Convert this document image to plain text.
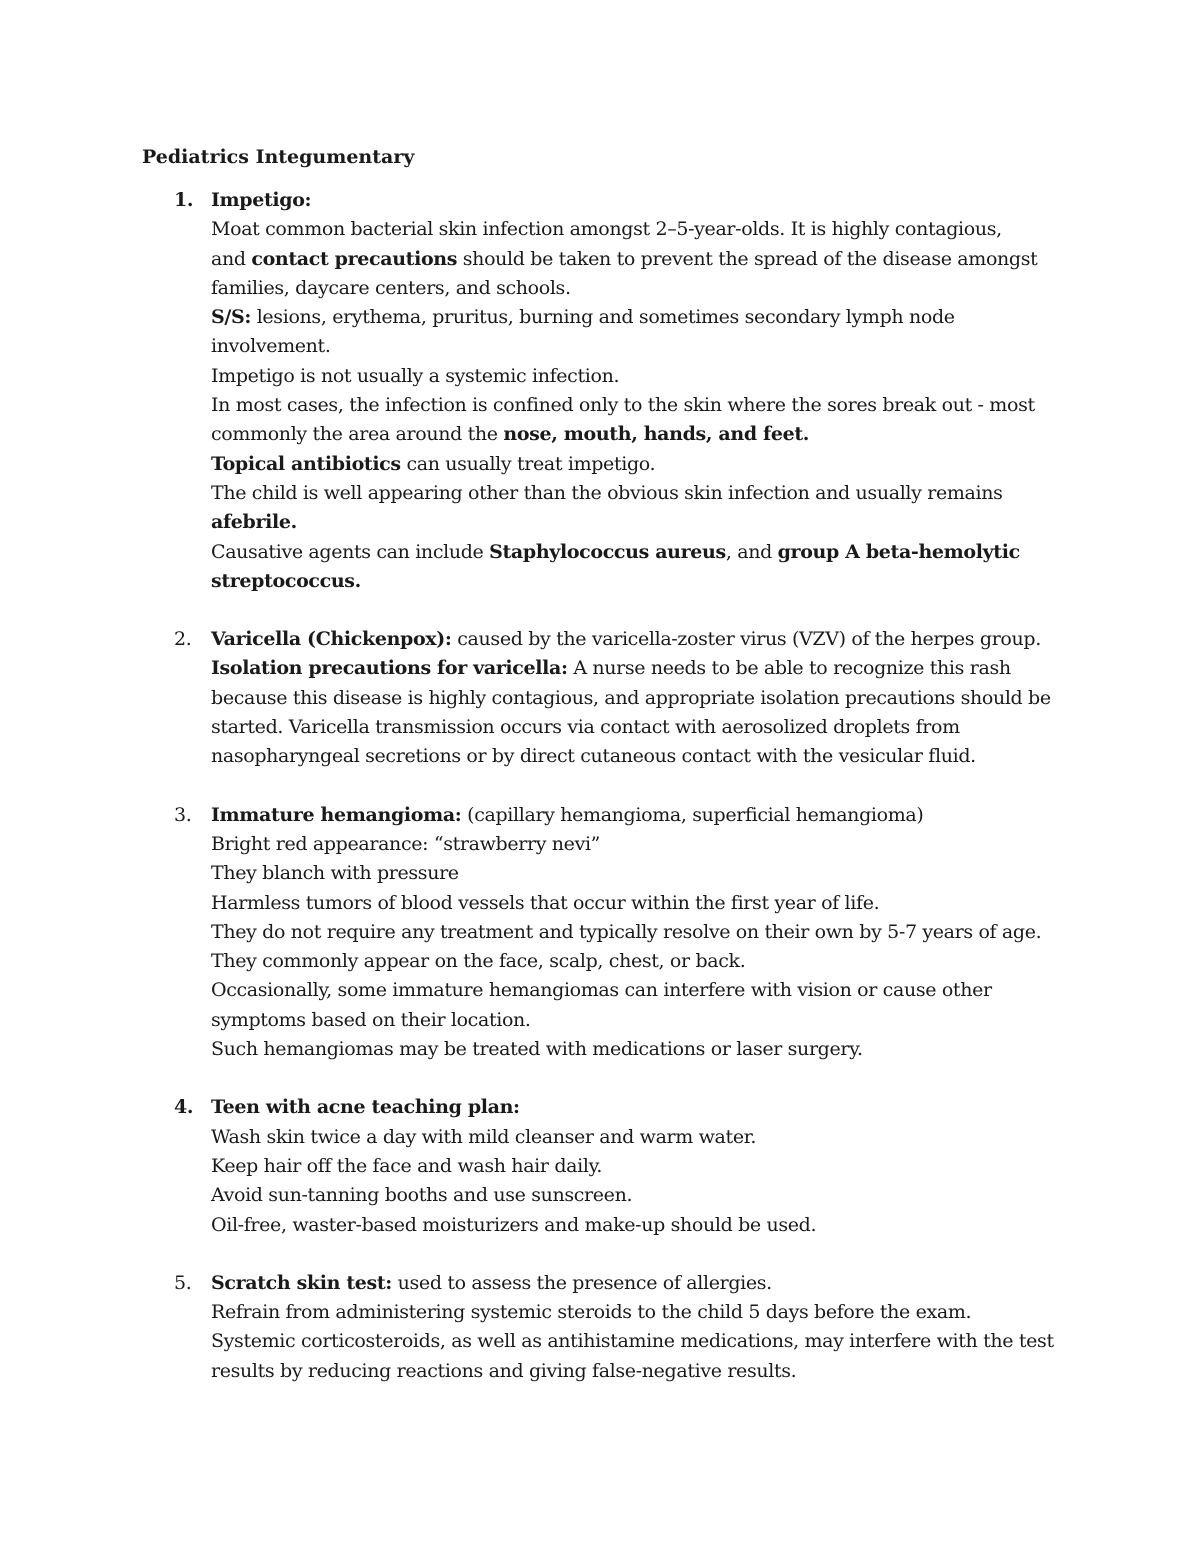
Pediatrics Integumentary
1. Impetigo:
Moat common bacterial skin infection amongst 2–5-year-olds. It is highly contagious,
and contact precautions should be taken to prevent the spread of the disease amongst
families, daycare centers, and schools.
S/S: lesions, erythema, pruritus, burning and sometimes secondary lymph node
involvement.
Impetigo is not usually a systemic infection.
In most cases, the infection is confined only to the skin where the sores break out - most
commonly the area around the nose, mouth, hands, and feet.
Topical antibiotics can usually treat impetigo.
The child is well appearing other than the obvious skin infection and usually remains
afebrile.
Causative agents can include Staphylococcus aureus, and group A beta-hemolytic
streptococcus.
2. Varicella (Chickenpox): caused by the varicella-zoster virus (VZV) of the herpes group.
Isolation precautions for varicella: A nurse needs to be able to recognize this rash
because this disease is highly contagious, and appropriate isolation precautions should be
started. Varicella transmission occurs via contact with aerosolized droplets from
nasopharyngeal secretions or by direct cutaneous contact with the vesicular fluid.
3. Immature hemangioma: (capillary hemangioma, superficial hemangioma)
Bright red appearance: “strawberry nevi”
They blanch with pressure
Harmless tumors of blood vessels that occur within the first year of life.
They do not require any treatment and typically resolve on their own by 5-7 years of age.
They commonly appear on the face, scalp, chest, or back.
Occasionally, some immature hemangiomas can interfere with vision or cause other
symptoms based on their location.
Such hemangiomas may be treated with medications or laser surgery.
4. Teen with acne teaching plan:
Wash skin twice a day with mild cleanser and warm water.
Keep hair off the face and wash hair daily.
Avoid sun-tanning booths and use sunscreen.
Oil-free, waster-based moisturizers and make-up should be used.
5. Scratch skin test: used to assess the presence of allergies.
Refrain from administering systemic steroids to the child 5 days before the exam.
Systemic corticosteroids, as well as antihistamine medications, may interfere with the test
results by reducing reactions and giving false-negative results.
